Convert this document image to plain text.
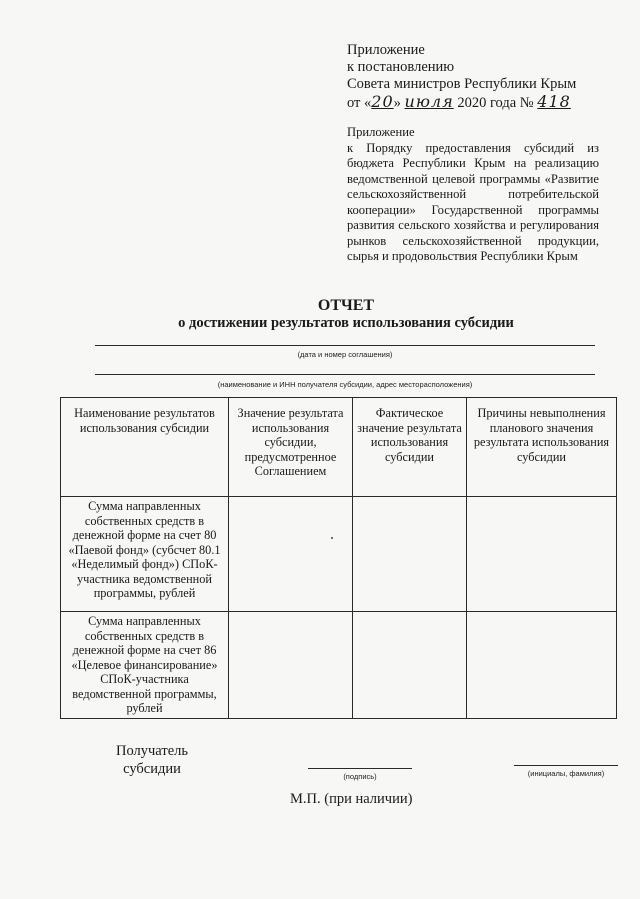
Приложение
к постановлению
Совета министров Республики Крым
от «20» июля 2020 года № 418
Приложение
к Порядку предоставления субсидий из бюджета Республики Крым на реализацию ведомственной целевой программы «Развитие сельскохозяйственной потребительской кооперации» Государственной программы развития сельского хозяйства и регулирования рынков сельскохозяйственной продукции, сырья и продовольствия Республики Крым
ОТЧЕТ
о достижении результатов использования субсидии
(дата и номер соглашения)
(наименование и ИНН получателя субсидии, адрес месторасположения)
Наименование результатов использования субсидии	Значение результата использования субсидии, предусмотренное Соглашением	Фактическое значение результата использования субсидии	Причины невыполнения планового значения результата использования субсидии
Сумма направленных собственных средств в денежной форме на счет 80 «Паевой фонд» (субсчет 80.1 «Неделимый фонд») СПоК-участника ведомственной программы, рублей			
Сумма направленных собственных средств в денежной форме на счет 86 «Целевое финансирование» СПоК-участника ведомственной программы, рублей			
Получатель субсидии	(подпись)	(инициалы, фамилия)
М.П. (при наличии)
